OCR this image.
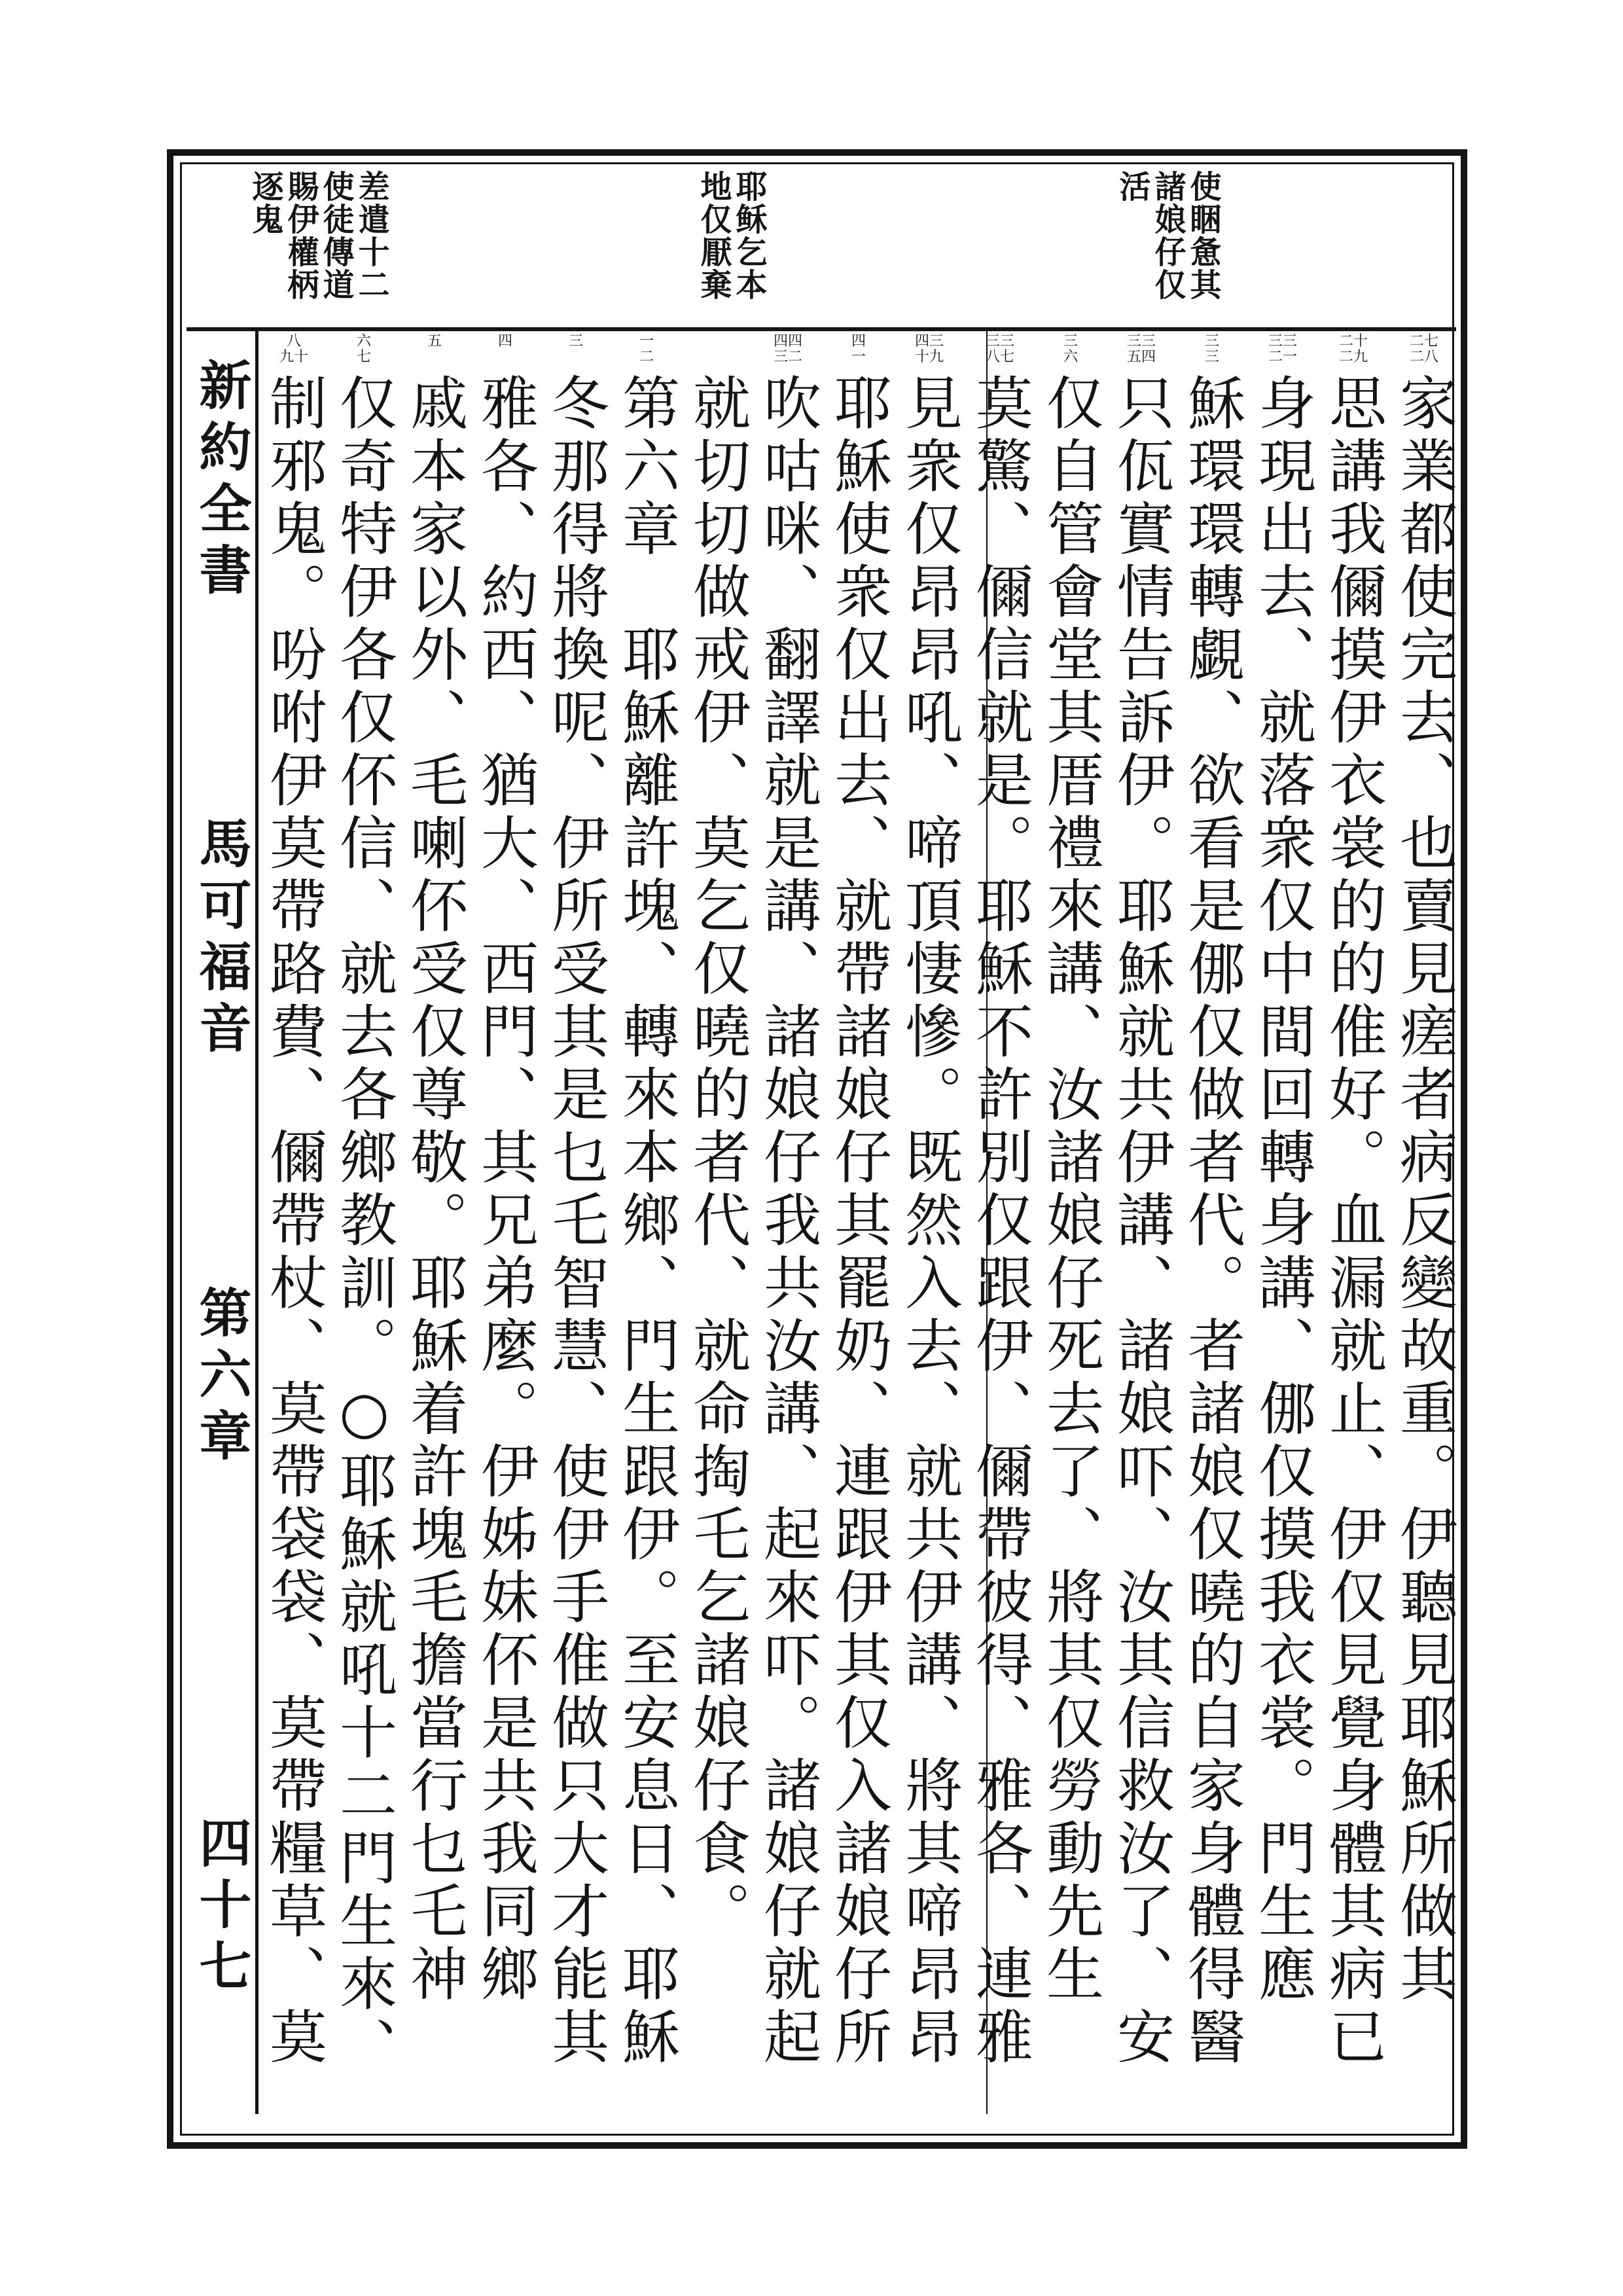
使睏惫其
諸娘仔仅
活
耶稣乞本
地仅厭棄
差遣十二
使徒傳道
賜伊權柄
逐鬼
新約全書
馬可福音
第六章
四十七
二七
二八
家業都使完去、也賣見瘥者病反變故重。伊聽見耶穌所做其
二十
二九
思講我儞摸伊衣裳的的倠好。血漏就止、伊仅見覺身體其病已
三三
二一
身現出去、就落衆仅中間回轉身講、㑚仅摸我衣裳。門生應
三
三
穌環環轉覷、欲看是㑚仅做者代。者諸娘仅曉的自家身體得醫
三三
五四
只佤實情告訴伊。耶穌就共伊講、諸娘吓、汝其信救汝了、安
三
六
仅自管會堂其厝禮來講、汝諸娘仔死去了、將其仅勞動先生
三三
八七
莫驚、儞信就是。耶穌不許別仅跟伊、儞帶彼得、雅各、連雅
四三
十九
見衆仅昂昂吼、啼頂悽慘。既然入去、就共伊講、將其啼昂昂
四
一
耶穌使衆仅出去、就帶諸娘仔其罷奶、連跟伊其仅入諸娘仔所
四四
三二
吹咕咪、翻譯就是講、諸娘仔我共汝講、起來吓。諸娘仔就起
就切切做戒伊、莫乞仅曉的者代、就命掏乇乞諸娘仔食。
一
二
第六章　耶穌離許塊、轉來本鄉、門生跟伊。至安息日、耶穌
三
冬那得將換呢、伊所受其是乜乇智慧、使伊手倠做只大才能其
四
雅各、約西、猶大、西門、其兄弟麼。伊姊妹伓是共我同鄉
五
戚本家以外、毛喇伓受仅尊敬。耶穌着許塊毛擔當行乜乇神
六
七
仅奇特伊各仅伓信、就去各鄉教訓。○耶穌就吼十二門生來、
八
九十
制邪鬼。吩咐伊莫帶路費、儞帶杖、莫帶袋袋、莫帶糧草、莫
